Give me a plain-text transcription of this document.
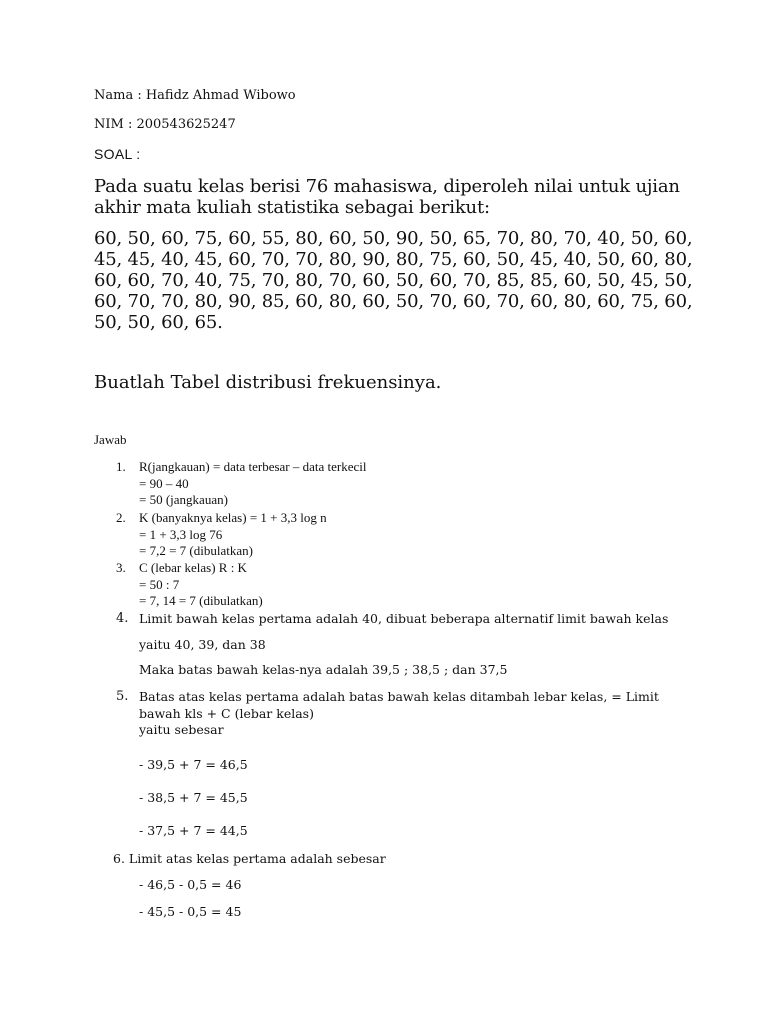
Nama : Hafidz Ahmad Wibowo
NIM : 200543625247
SOAL :
Pada suatu kelas berisi 76 mahasiswa, diperoleh nilai untuk ujian
akhir mata kuliah statistika sebagai berikut:
60, 50, 60, 75, 60, 55, 80, 60, 50, 90, 50, 65, 70, 80, 70, 40, 50, 60,
45, 45, 40, 45, 60, 70, 70, 80, 90, 80, 75, 60, 50, 45, 40, 50, 60, 80,
60, 60, 70, 40, 75, 70, 80, 70, 60, 50, 60, 70, 85, 85, 60, 50, 45, 50,
60, 70, 70, 80, 90, 85, 60, 80, 60, 50, 70, 60, 70, 60, 80, 60, 75, 60,
50, 50, 60, 65.
Buatlah Tabel distribusi frekuensinya.
Jawab
1. R(jangkauan) = data terbesar – data terkecil
= 90 – 40
= 50 (jangkauan)
2. K (banyaknya kelas) = 1 + 3,3 log n
= 1 + 3,3 log 76
= 7,2 = 7 (dibulatkan)
3. C (lebar kelas) R : K
= 50 : 7
= 7, 14 = 7 (dibulatkan)
4. Limit bawah kelas pertama adalah 40, dibuat beberapa alternatif limit bawah kelas
yaitu 40, 39, dan 38
Maka batas bawah kelas-nya adalah 39,5 ; 38,5 ; dan 37,5
5. Batas atas kelas pertama adalah batas bawah kelas ditambah lebar kelas, = Limit
bawah kls + C (lebar kelas)
yaitu sebesar
- 39,5 + 7 = 46,5
- 38,5 + 7 = 45,5
- 37,5 + 7 = 44,5
6. Limit atas kelas pertama adalah sebesar
- 46,5 - 0,5 = 46
- 45,5 - 0,5 = 45
